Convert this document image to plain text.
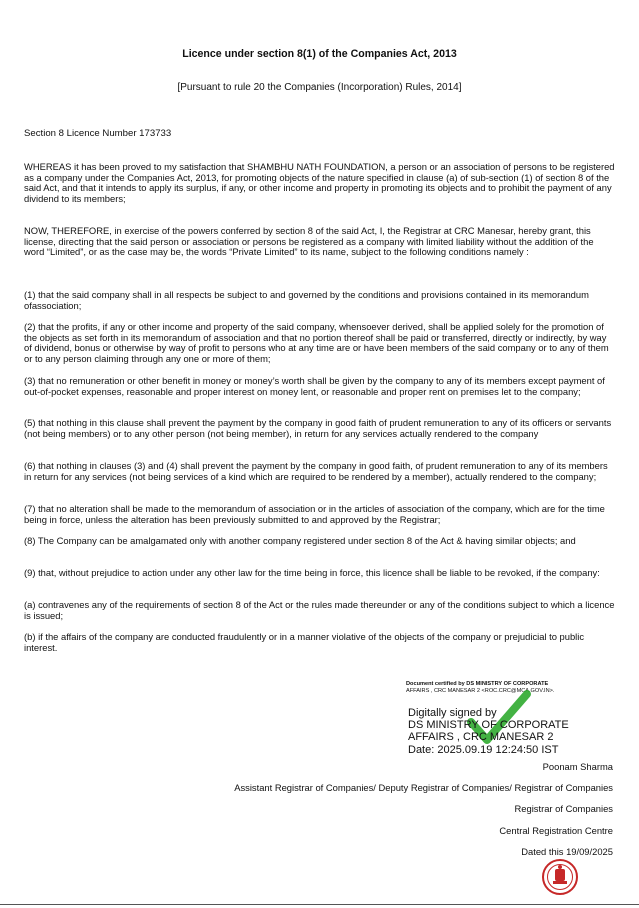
Licence under section 8(1) of the Companies Act, 2013
[Pursuant to rule 20 the Companies (Incorporation) Rules, 2014]
Section 8 Licence Number 173733

WHEREAS it has been proved to my satisfaction that SHAMBHU NATH FOUNDATION, a person or an association of persons to be registered as a company under the Companies Act, 2013, for promoting objects of the nature specified in clause (a) of sub-section (1) of section 8 of the said Act, and that it intends to apply its surplus, if any, or other income and property in promoting its objects and to prohibit the payment of any dividend to its members;

NOW, THEREFORE, in exercise of the powers conferred by section 8 of the said Act, I, the Registrar at CRC Manesar, hereby grant, this license, directing that the said person or association or persons be registered as a company with limited liability without the addition of the word “Limited”, or as the case may be, the words “Private Limited” to its name, subject to the following conditions namely :

(1) that the said company shall in all respects be subject to and governed by the conditions and provisions contained in its memorandum ofassociation;

(2) that the profits, if any or other income and property of the said company, whensoever derived, shall be applied solely for the promotion of the objects as set forth in its memorandum of association and that no portion thereof shall be paid or transferred, directly or indirectly, by way of dividend, bonus or otherwise by way of profit to persons who at any time are or have been members of the said company or to any of them or to any person claiming through any one or more of them;

(3) that no remuneration or other benefit in money or money’s worth shall be given by the company to any of its members except payment of out-of-pocket expenses, reasonable and proper interest on money lent, or reasonable and proper rent on premises let to the company;

(5) that nothing in this clause shall prevent the payment by the company in good faith of prudent remuneration to any of its officers or servants (not being members) or to any other person (not being member), in return for any services actually rendered to the company

(6) that nothing in clauses (3) and (4) shall prevent the payment by the company in good faith, of prudent remuneration to any of its members in return for any services (not being services of a kind which are required to be rendered by a member), actually rendered to the company;

(7) that no alteration shall be made to the memorandum of association or in the articles of association of the company, which are for the time being in force, unless the alteration has been previously submitted to and approved by the Registrar;

(8) The Company can be amalgamated only with another company registered under section 8 of the Act & having similar objects; and

(9) that, without prejudice to action under any other law for the time being in force, this licence shall be liable to be revoked, if the company:

(a) contravenes any of the requirements of section 8 of the Act or the rules made thereunder or any of the conditions subject to which a licence is issued;

(b) if the affairs of the company are conducted fraudulently or in a manner violative of the objects of the company or prejudicial to public interest.

Document certified by DS MINISTRY OF CORPORATE
AFFAIRS , CRC MANESAR 2 <ROC.CRC@MCA.GOV.IN>.
Digitally signed by
DS MINISTRY OF CORPORATE
AFFAIRS , CRC MANESAR 2
Date: 2025.09.19 12:24:50 IST
Poonam Sharma
Assistant Registrar of Companies/ Deputy Registrar of Companies/ Registrar of Companies
Registrar of Companies
Central Registration Centre
Dated this 19/09/2025
